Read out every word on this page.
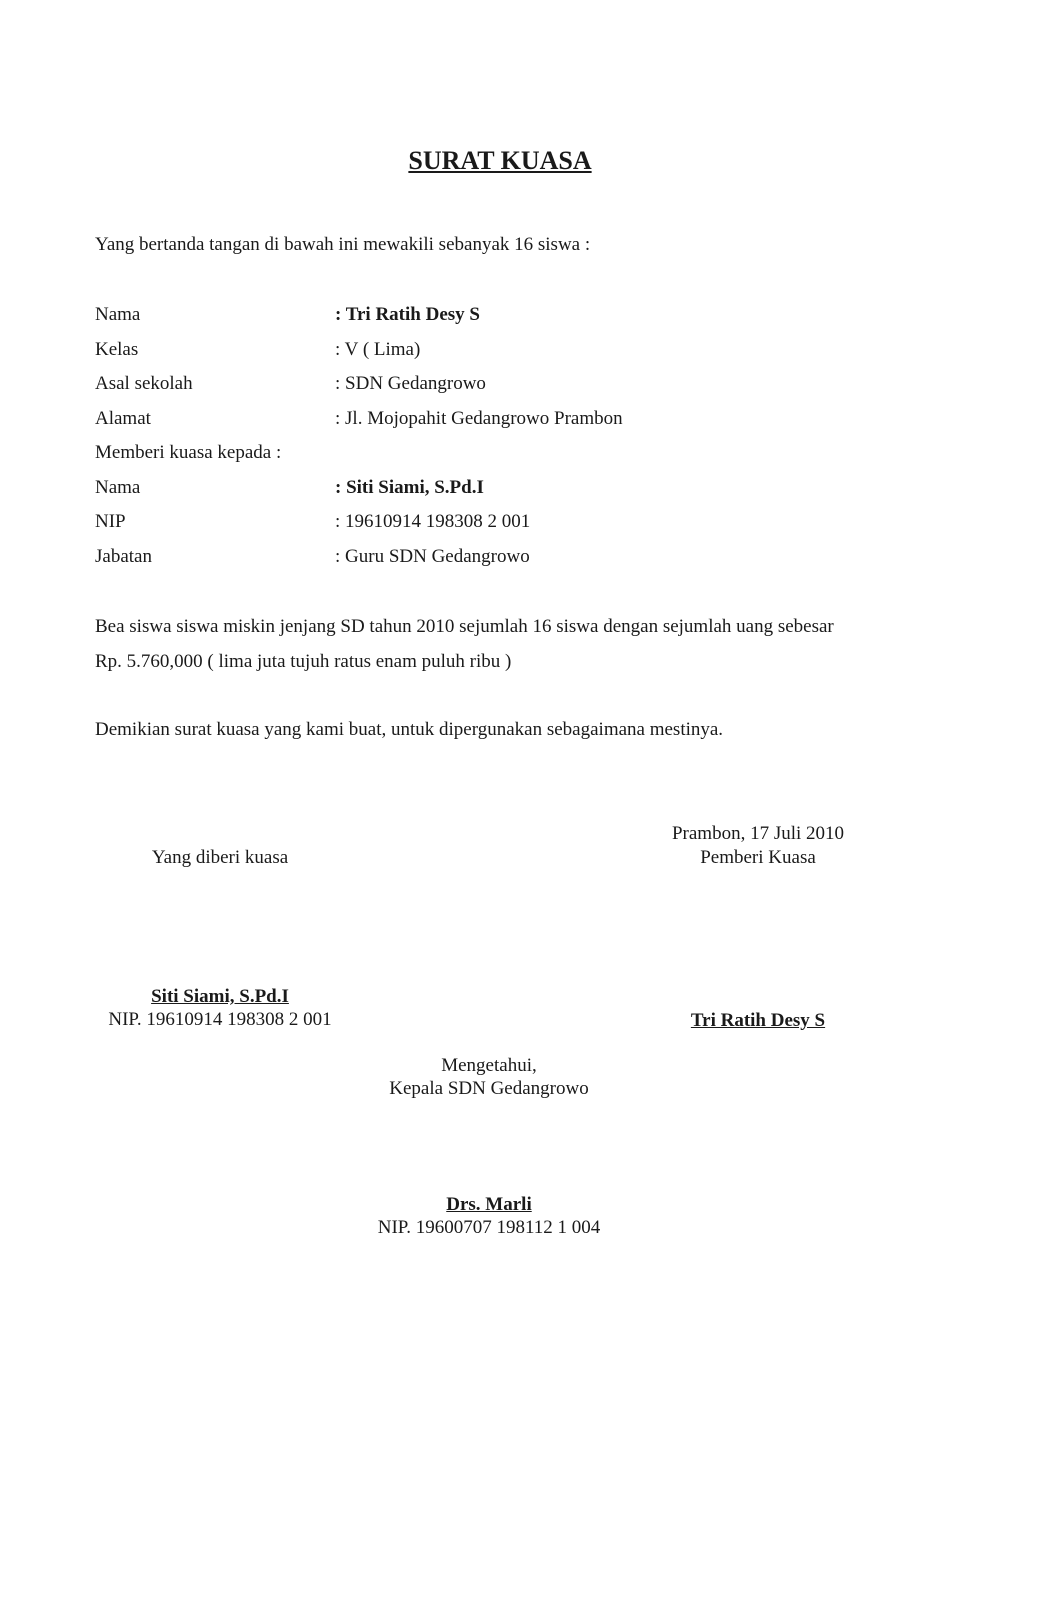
SURAT KUASA
Yang bertanda tangan di bawah ini mewakili sebanyak 16 siswa :
Nama	: Tri Ratih Desy S
Kelas	: V ( Lima)
Asal sekolah	: SDN Gedangrowo
Alamat	: Jl. Mojopahit Gedangrowo Prambon
Memberi kuasa kepada :
Nama	: Siti Siami, S.Pd.I
NIP	: 19610914 198308 2 001
Jabatan	: Guru SDN Gedangrowo
Bea siswa siswa miskin jenjang SD tahun 2010 sejumlah 16 siswa dengan sejumlah uang sebesar
Rp. 5.760,000 ( lima juta tujuh ratus enam puluh ribu )
Demikian surat kuasa yang kami buat, untuk dipergunakan sebagaimana mestinya.
Prambon, 17 Juli 2010
Yang diberi kuasa	Pemberi Kuasa
Siti Siami, S.Pd.I
NIP. 19610914 198308 2 001	Tri Ratih Desy S
Mengetahui,
Kepala SDN Gedangrowo
Drs. Marli
NIP. 19600707 198112 1 004
